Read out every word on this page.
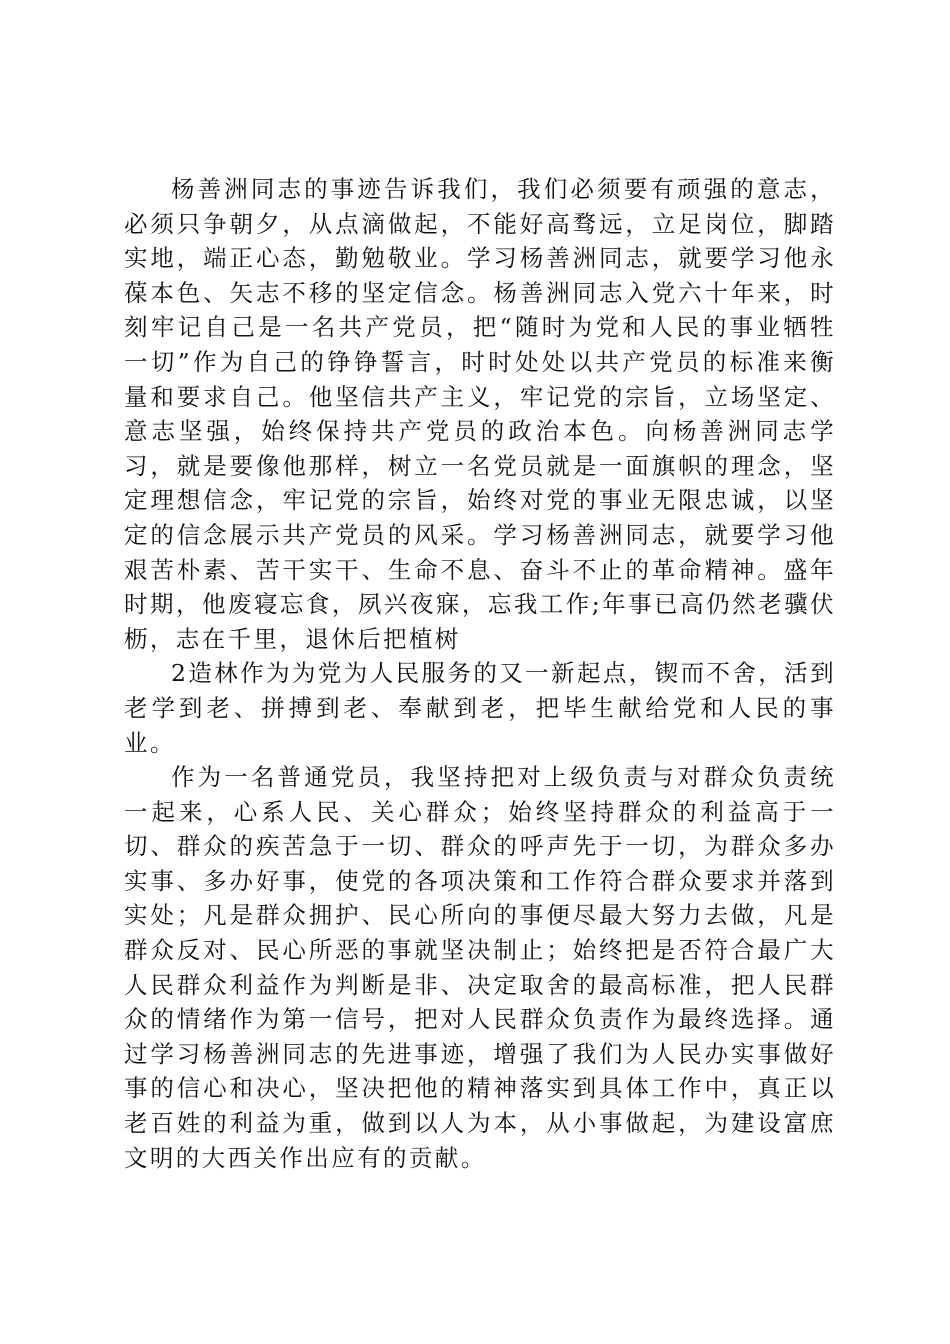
杨善洲同志的事迹告诉我们，我们必须要有顽强的意志，必须只争朝夕，从点滴做起，不能好高骛远，立足岗位，脚踏实地，端正心态，勤勉敬业。学习杨善洲同志，就要学习他永葆本色、矢志不移的坚定信念。杨善洲同志入党六十年来，时刻牢记自己是一名共产党员，把“随时为党和人民的事业牺牲一切”作为自己的铮铮誓言，时时处处以共产党员的标准来衡量和要求自己。他坚信共产主义，牢记党的宗旨，立场坚定、意志坚强，始终保持共产党员的政治本色。向杨善洲同志学习，就是要像他那样，树立一名党员就是一面旗帜的理念，坚定理想信念，牢记党的宗旨，始终对党的事业无限忠诚，以坚定的信念展示共产党员的风采。学习杨善洲同志，就要学习他艰苦朴素、苦干实干、生命不息、奋斗不止的革命精神。盛年时期，他废寝忘食，夙兴夜寐，忘我工作;年事已高仍然老骥伏枥，志在千里，退休后把植树

2造林作为为党为人民服务的又一新起点，锲而不舍，活到老学到老、拼搏到老、奉献到老，把毕生献给党和人民的事业。

作为一名普通党员，我坚持把对上级负责与对群众负责统一起来，心系人民、关心群众；始终坚持群众的利益高于一切、群众的疾苦急于一切、群众的呼声先于一切，为群众多办实事、多办好事，使党的各项决策和工作符合群众要求并落到实处；凡是群众拥护、民心所向的事便尽最大努力去做，凡是群众反对、民心所恶的事就坚决制止；始终把是否符合最广大人民群众利益作为判断是非、决定取舍的最高标准，把人民群众的情绪作为第一信号，把对人民群众负责作为最终选择。通过学习杨善洲同志的先进事迹，增强了我们为人民办实事做好事的信心和决心，坚决把他的精神落实到具体工作中，真正以老百姓的利益为重，做到以人为本，从小事做起，为建设富庶文明的大西关作出应有的贡献。
